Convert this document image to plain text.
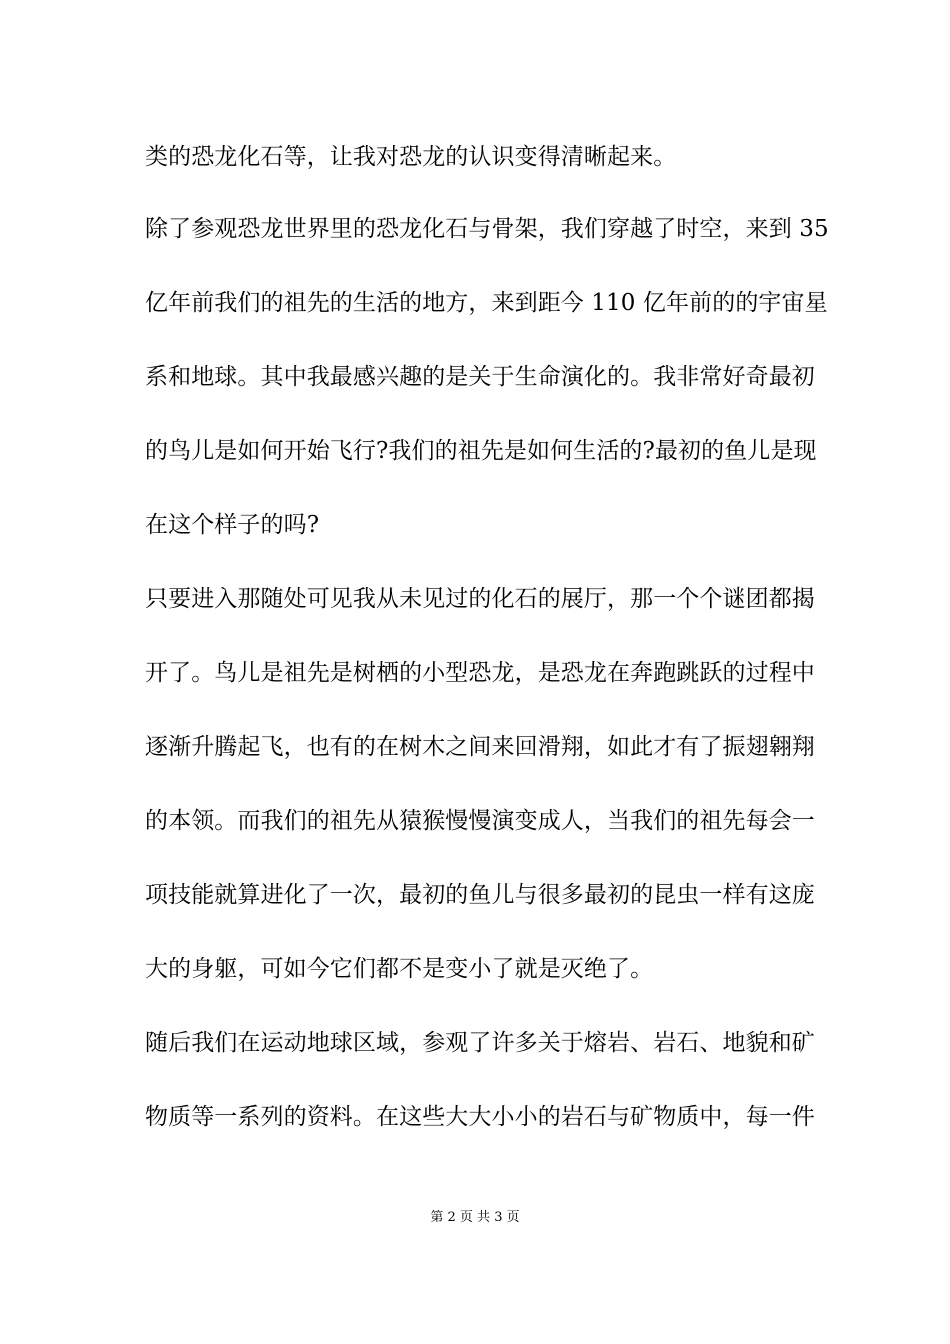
类的恐龙化石等，让我对恐龙的认识变得清晰起来。
除了参观恐龙世界里的恐龙化石与骨架，我们穿越了时空，来到 35
亿年前我们的祖先的生活的地方，来到距今 110 亿年前的的宇宙星
系和地球。其中我最感兴趣的是关于生命演化的。我非常好奇最初
的鸟儿是如何开始飞行?我们的祖先是如何生活的?最初的鱼儿是现
在这个样子的吗?
只要进入那随处可见我从未见过的化石的展厅，那一个个谜团都揭
开了。鸟儿是祖先是树栖的小型恐龙，是恐龙在奔跑跳跃的过程中
逐渐升腾起飞，也有的在树木之间来回滑翔，如此才有了振翅翱翔
的本领。而我们的祖先从猿猴慢慢演变成人，当我们的祖先每会一
项技能就算进化了一次，最初的鱼儿与很多最初的昆虫一样有这庞
大的身躯，可如今它们都不是变小了就是灭绝了。
随后我们在运动地球区域，参观了许多关于熔岩、岩石、地貌和矿
物质等一系列的资料。在这些大大小小的岩石与矿物质中，每一件
第 2 页 共 3 页
